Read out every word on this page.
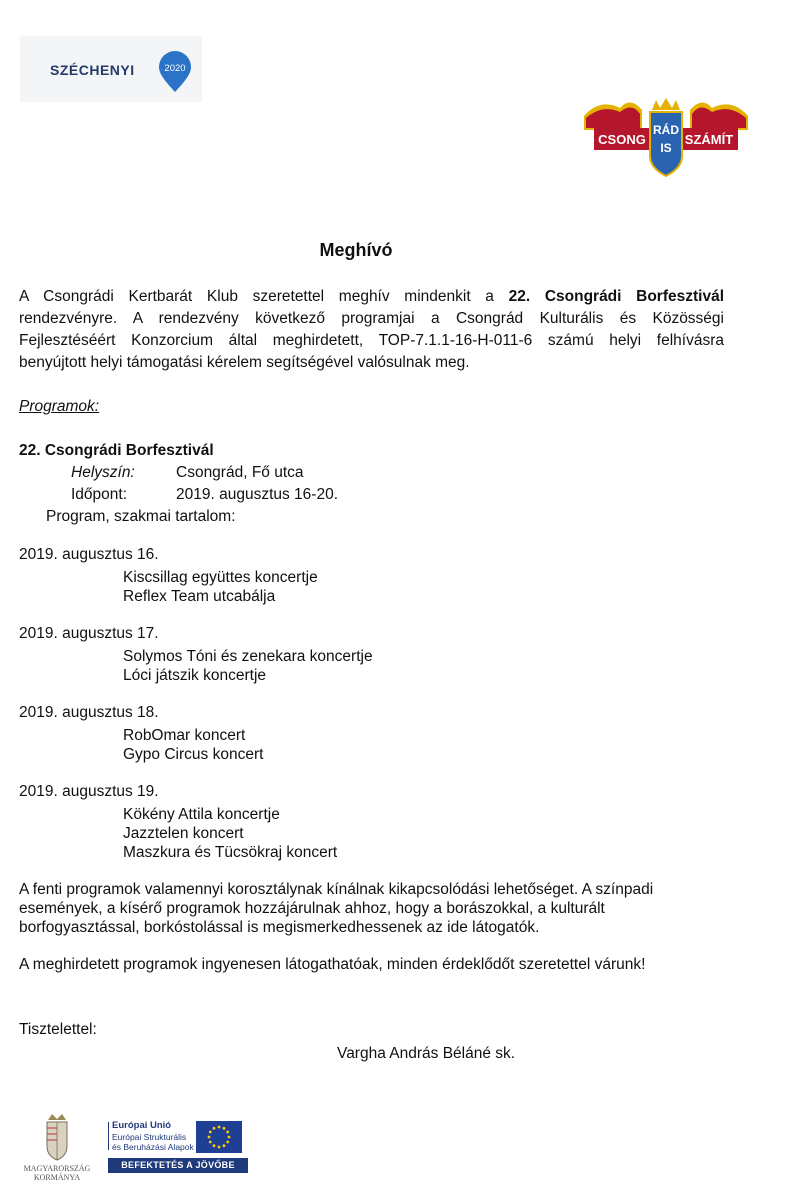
SZÉCHENYI	2020
CSONG
RÁD
IS
SZÁMÍT
Meghívó
A Csongrádi Kertbarát Klub szeretettel meghív mindenkit a 22. Csongrádi Borfesztivál
rendezvényre. A rendezvény következő programjai a Csongrád Kulturális és Közösségi
Fejlesztéséért Konzorcium által meghirdetett, TOP-7.1.1-16-H-011-6 számú helyi felhívásra
benyújtott helyi támogatási kérelem segítségével valósulnak meg.
Programok:
22. Csongrádi Borfesztivál
Helyszín:	Csongrád, Fő utca
Időpont:	2019. augusztus 16-20.
Program, szakmai tartalom:
2019. augusztus 16.
Kiscsillag együttes koncertje
Reflex Team utcabálja
2019. augusztus 17.
Solymos Tóni és zenekara koncertje
Lóci játszik koncertje
2019. augusztus 18.
RobOmar koncert
Gypo Circus koncert
2019. augusztus 19.
Kökény Attila koncertje
Jazztelen koncert
Maszkura és Tücsökraj koncert
A fenti programok valamennyi korosztálynak kínálnak kikapcsolódási lehetőséget. A színpadi
események, a kísérő programok hozzájárulnak ahhoz, hogy a borászokkal, a kulturált
borfogyasztással, borkóstolással is megismerkedhessenek az ide látogatók.
A meghirdetett programok ingyenesen látogathatóak, minden érdeklődőt szeretettel várunk!
Tisztelettel:
Vargha András Béláné sk.
MAGYARORSZÁG
KORMÁNYA
Európai Unió
Európai Strukturális
és Beruházási Alapok
BEFEKTETÉS A JÖVŐBE
